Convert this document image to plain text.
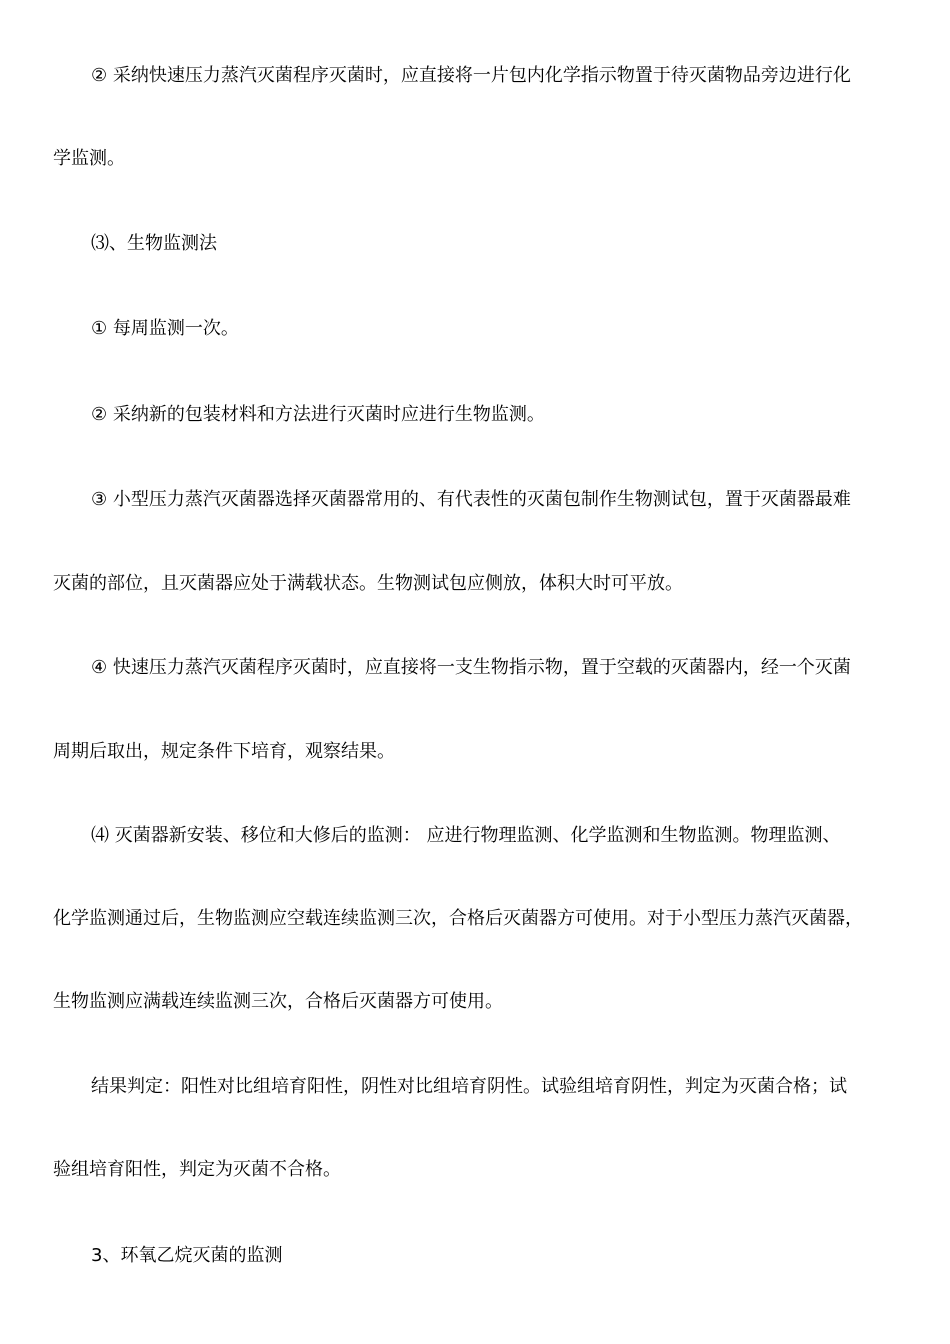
② 采纳快速压力蒸汽灭菌程序灭菌时，应直接将一片包内化学指示物置于待灭菌物品旁边进行化
学监测。
⑶、生物监测法
① 每周监测一次。
② 采纳新的包装材料和方法进行灭菌时应进行生物监测。
③ 小型压力蒸汽灭菌器选择灭菌器常用的、有代表性的灭菌包制作生物测试包，置于灭菌器最难
灭菌的部位，且灭菌器应处于满载状态。生物测试包应侧放，体积大时可平放。
④ 快速压力蒸汽灭菌程序灭菌时，应直接将一支生物指示物，置于空载的灭菌器内，经一个灭菌
周期后取出，规定条件下培育，观察结果。
⑷ 灭菌器新安装、移位和大修后的监测： 应进行物理监测、化学监测和生物监测。物理监测、
化学监测通过后，生物监测应空载连续监测三次，合格后灭菌器方可使用。对于小型压力蒸汽灭菌器，
生物监测应满载连续监测三次，合格后灭菌器方可使用。
结果判定：阳性对比组培育阳性，阴性对比组培育阴性。试验组培育阴性，判定为灭菌合格；试
验组培育阳性，判定为灭菌不合格。
3、环氧乙烷灭菌的监测
